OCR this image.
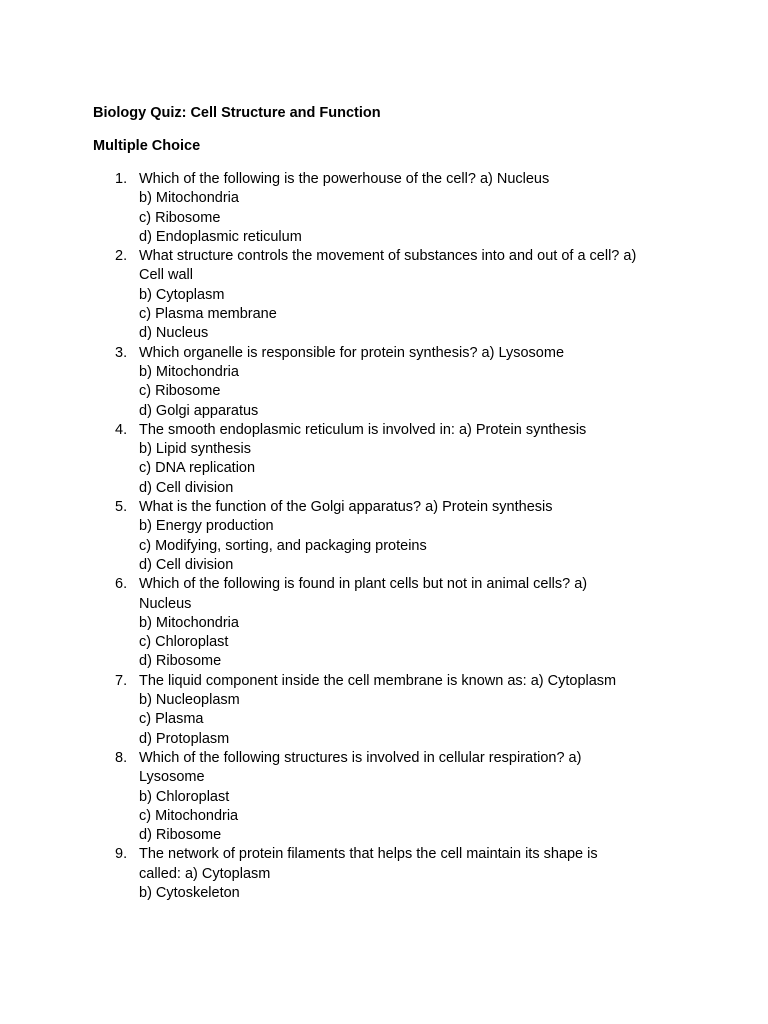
Biology Quiz: Cell Structure and Function
Multiple Choice
1. Which of the following is the powerhouse of the cell? a) Nucleus
b) Mitochondria
c) Ribosome
d) Endoplasmic reticulum
2. What structure controls the movement of substances into and out of a cell? a)
Cell wall
b) Cytoplasm
c) Plasma membrane
d) Nucleus
3. Which organelle is responsible for protein synthesis? a) Lysosome
b) Mitochondria
c) Ribosome
d) Golgi apparatus
4. The smooth endoplasmic reticulum is involved in: a) Protein synthesis
b) Lipid synthesis
c) DNA replication
d) Cell division
5. What is the function of the Golgi apparatus? a) Protein synthesis
b) Energy production
c) Modifying, sorting, and packaging proteins
d) Cell division
6. Which of the following is found in plant cells but not in animal cells? a)
Nucleus
b) Mitochondria
c) Chloroplast
d) Ribosome
7. The liquid component inside the cell membrane is known as: a) Cytoplasm
b) Nucleoplasm
c) Plasma
d) Protoplasm
8. Which of the following structures is involved in cellular respiration? a)
Lysosome
b) Chloroplast
c) Mitochondria
d) Ribosome
9. The network of protein filaments that helps the cell maintain its shape is
called: a) Cytoplasm
b) Cytoskeleton
